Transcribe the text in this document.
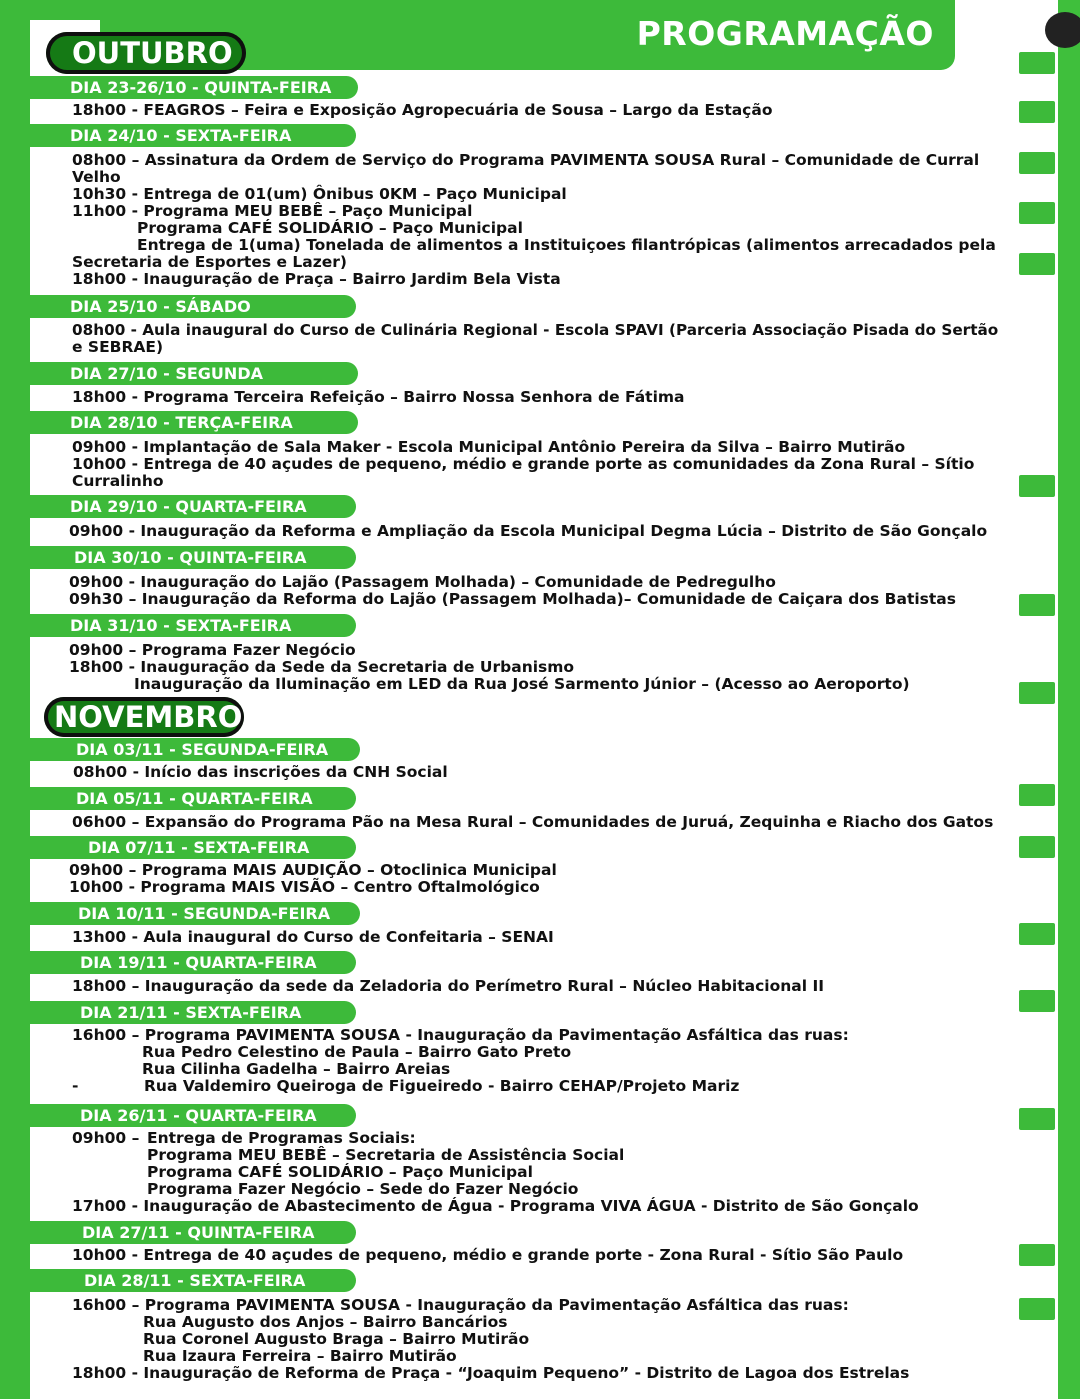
PROGRAMAÇÃO
OUTUBRO
NOVEMBRO
DIA 23-26/10 - QUINTA-FEIRA
DIA 24/10 - SEXTA-FEIRA
DIA 25/10 - SÁBADO
DIA 27/10 - SEGUNDA
DIA 28/10 - TERÇA-FEIRA
DIA 29/10 - QUARTA-FEIRA
DIA 30/10 - QUINTA-FEIRA
DIA 31/10 - SEXTA-FEIRA
DIA 03/11 - SEGUNDA-FEIRA
DIA 05/11 - QUARTA-FEIRA
DIA 07/11 - SEXTA-FEIRA
DIA 10/11 - SEGUNDA-FEIRA
DIA 19/11 - QUARTA-FEIRA
DIA 21/11 - SEXTA-FEIRA
DIA 26/11 - QUARTA-FEIRA
DIA 27/11 - QUINTA-FEIRA
DIA 28/11 - SEXTA-FEIRA
18h00 - FEAGROS – Feira e Exposição Agropecuária de Sousa – Largo da Estação
08h00 – Assinatura da Ordem de Serviço do Programa PAVIMENTA SOUSA Rural – Comunidade de Curral
Velho
10h30 - Entrega de 01(um) Ônibus 0KM – Paço Municipal
11h00 - Programa MEU BEBÊ – Paço Municipal
Programa CAFÉ SOLIDÁRIO – Paço Municipal
Entrega de 1(uma) Tonelada de alimentos a Instituiçoes filantrópicas (alimentos arrecadados pela
Secretaria de Esportes e Lazer)
18h00 - Inauguração de Praça – Bairro Jardim Bela Vista
08h00 - Aula inaugural do Curso de Culinária Regional - Escola SPAVI (Parceria Associação Pisada do Sertão
e SEBRAE)
18h00 - Programa Terceira Refeição – Bairro Nossa Senhora de Fátima
09h00 - Implantação de Sala Maker - Escola Municipal Antônio Pereira da Silva – Bairro Mutirão
10h00 - Entrega de 40 açudes de pequeno, médio e grande porte as comunidades da Zona Rural – Sítio
Curralinho
09h00 - Inauguração da Reforma e Ampliação da Escola Municipal Degma Lúcia – Distrito de São Gonçalo
09h00 - Inauguração do Lajão (Passagem Molhada) – Comunidade de Pedregulho
09h30 – Inauguração da Reforma do Lajão (Passagem Molhada)– Comunidade de Caiçara dos Batistas
09h00 – Programa Fazer Negócio
18h00 - Inauguração da Sede da Secretaria de Urbanismo
Inauguração da Iluminação em LED da Rua José Sarmento Júnior – (Acesso ao Aeroporto)
08h00 - Início das inscrições da CNH Social
06h00 – Expansão do Programa Pão na Mesa Rural – Comunidades de Juruá, Zequinha e Riacho dos Gatos
09h00 – Programa MAIS AUDIÇÃO – Otoclinica Municipal
10h00 - Programa MAIS VISÃO – Centro Oftalmológico
13h00 - Aula inaugural do Curso de Confeitaria – SENAI
18h00 – Inauguração da sede da Zeladoria do Perímetro Rural – Núcleo Habitacional II
16h00 – Programa PAVIMENTA SOUSA - Inauguração da Pavimentação Asfáltica das ruas:
Rua Pedro Celestino de Paula – Bairro Gato Preto
Rua Cilinha Gadelha – Bairro Areias
-	Rua Valdemiro Queiroga de Figueiredo - Bairro CEHAP/Projeto Mariz
09h00 – Entrega de Programas Sociais:
Programa MEU BEBÊ – Secretaria de Assistência Social
Programa CAFÉ SOLIDÁRIO – Paço Municipal
Programa Fazer Negócio – Sede do Fazer Negócio
17h00 - Inauguração de Abastecimento de Água - Programa VIVA ÁGUA - Distrito de São Gonçalo
10h00 - Entrega de 40 açudes de pequeno, médio e grande porte - Zona Rural - Sítio São Paulo
16h00 – Programa PAVIMENTA SOUSA - Inauguração da Pavimentação Asfáltica das ruas:
Rua Augusto dos Anjos – Bairro Bancários
Rua Coronel Augusto Braga – Bairro Mutirão
Rua Izaura Ferreira – Bairro Mutirão
18h00 - Inauguração de Reforma de Praça - “Joaquim Pequeno” - Distrito de Lagoa dos Estrelas
